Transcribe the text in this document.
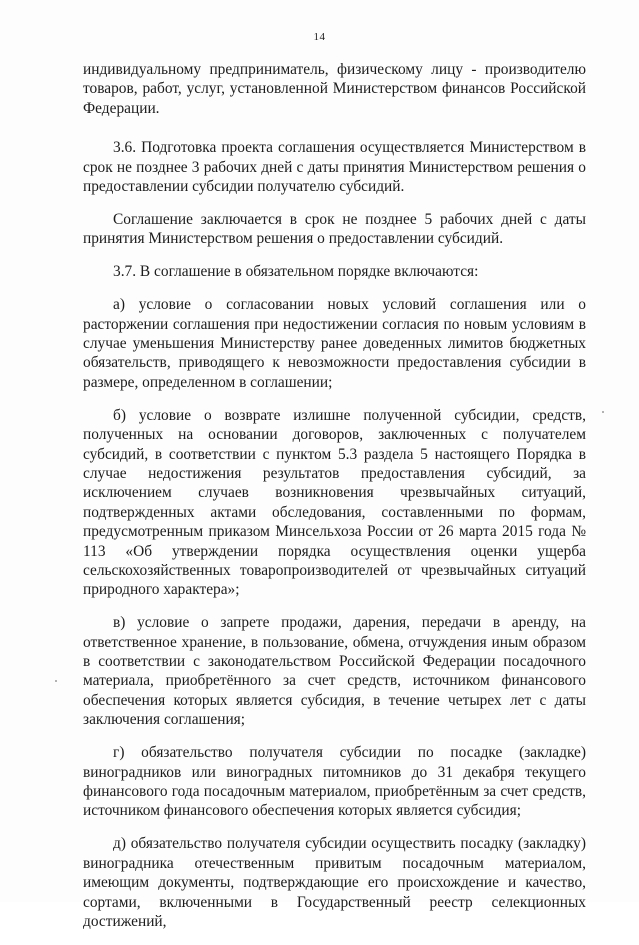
14

индивидуальному предприниматель, физическому лицу - производителю товаров, работ, услуг, установленной Министерством финансов Российской Федерации.

3.6. Подготовка проекта соглашения осуществляется Министерством в срок не позднее 3 рабочих дней с даты принятия Министерством решения о предоставлении субсидии получателю субсидий.

Соглашение заключается в срок не позднее 5 рабочих дней с даты принятия Министерством решения о предоставлении субсидий.

3.7. В соглашение в обязательном порядке включаются:

а) условие о согласовании новых условий соглашения или о расторжении соглашения при недостижении согласия по новым условиям в случае уменьшения Министерству ранее доведенных лимитов бюджетных обязательств, приводящего к невозможности предоставления субсидии в размере, определенном в соглашении;

б) условие о возврате излишне полученной субсидии, средств, полученных на основании договоров, заключенных с получателем субсидий, в соответствии с пунктом 5.3 раздела 5 настоящего Порядка в случае недостижения результатов предоставления субсидий, за исключением случаев возникновения чрезвычайных ситуаций, подтвержденных актами обследования, составленными по формам, предусмотренным приказом Минсельхоза России от 26 марта 2015 года № 113 «Об утверждении порядка осуществления оценки ущерба сельскохозяйственных товаропроизводителей от чрезвычайных ситуаций природного характера»;

в) условие о запрете продажи, дарения, передачи в аренду, на ответственное хранение, в пользование, обмена, отчуждения иным образом в соответствии с законодательством Российской Федерации посадочного материала, приобретённого за счет средств, источником финансового обеспечения которых является субсидия, в течение четырех лет с даты заключения соглашения;

г) обязательство получателя субсидии по посадке (закладке) виноградников или виноградных питомников до 31 декабря текущего финансового года посадочным материалом, приобретённым за счет средств, источником финансового обеспечения которых является субсидия;

д) обязательство получателя субсидии осуществить посадку (закладку) виноградника отечественным привитым посадочным материалом, имеющим документы, подтверждающие его происхождение и качество, сортами, включенными в Государственный реестр селекционных достижений,
